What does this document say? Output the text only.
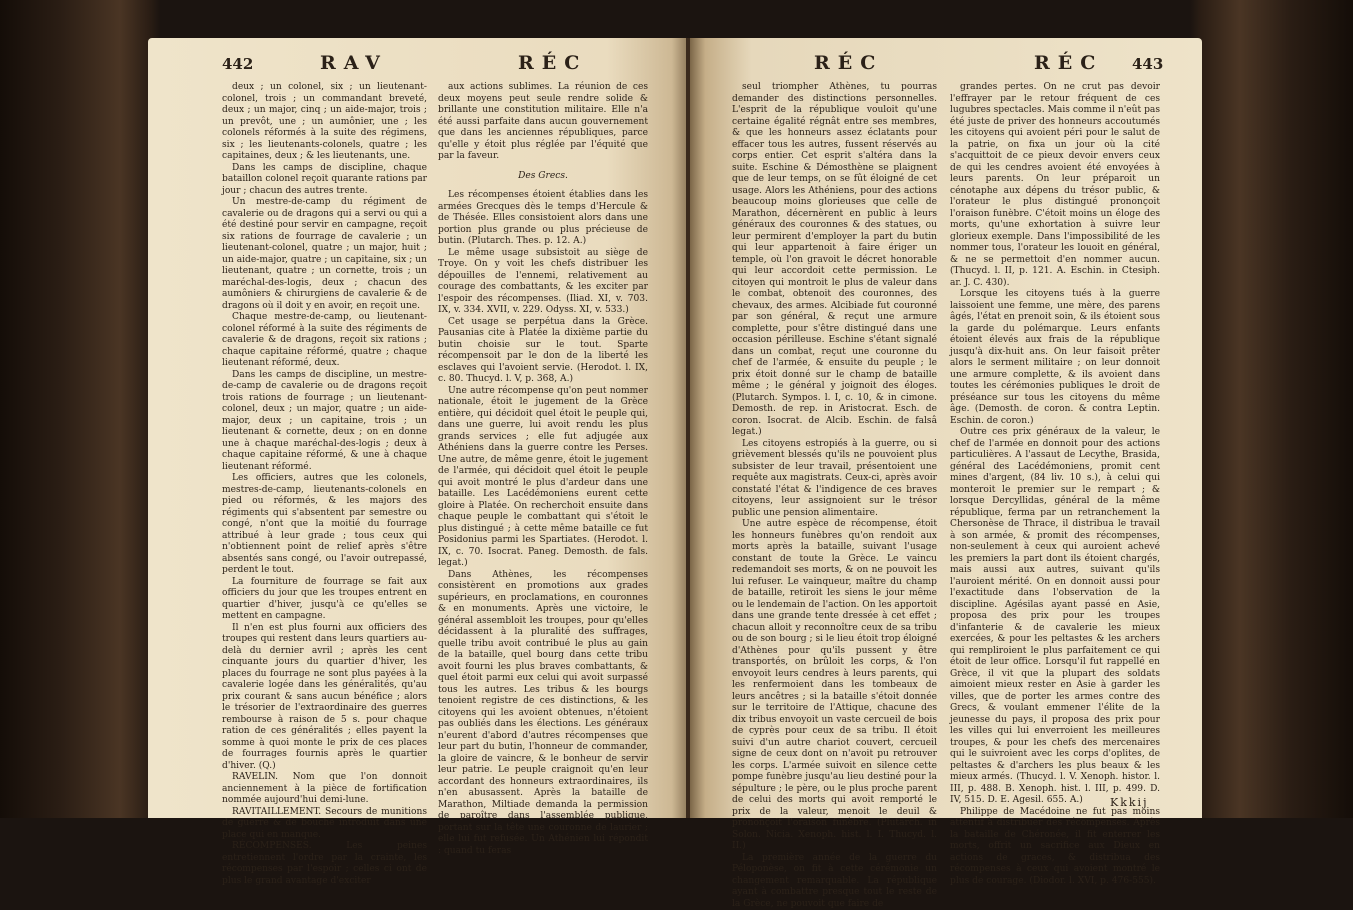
442	RAV	RÉC

deux ; un colonel, six ; un lieutenant-colonel, trois ; un commandant breveté, deux ; un major, cinq ; un aide-major, trois ; un prevôt, une ; un aumônier, une ; les colonels réformés à la suite des régimens, six ; les lieutenants-colonels, quatre ; les capitaines, deux ; & les lieutenants, une.

Dans les camps de discipline, chaque bataillon colonel reçoit quarante rations par jour ; chacun des autres trente.

Un mestre-de-camp du régiment de cavalerie ou de dragons qui a servi ou qui a été destiné pour servir en campagne, reçoit six rations de fourrage de cavalerie ; un lieutenant-colonel, quatre ; un major, huit ; un aide-major, quatre ; un capitaine, six ; un lieutenant, quatre ; un cornette, trois ; un maréchal-des-logis, deux ; chacun des aumôniers & chirurgiens de cavalerie & de dragons où il doit y en avoir, en reçoit une.

Chaque mestre-de-camp, ou lieutenant-colonel réformé à la suite des régiments de cavalerie & de dragons, reçoit six rations ; chaque capitaine réformé, quatre ; chaque lieutenant réformé, deux.

Dans les camps de discipline, un mestre-de-camp de cavalerie ou de dragons reçoit trois rations de fourrage ; un lieutenant-colonel, deux ; un major, quatre ; un aide-major, deux ; un capitaine, trois ; un lieutenant & cornette, deux ; on en donne une à chaque maréchal-des-logis ; deux à chaque capitaine réformé, & une à chaque lieutenant réformé.

Les officiers, autres que les colonels, mestres-de-camp, lieutenants-colonels en pied ou réformés, & les majors des régiments qui s'absentent par semestre ou congé, n'ont que la moitié du fourrage attribué à leur grade ; tous ceux qui n'obtiennent point de relief après s'être absentés sans congé, ou l'avoir outrepassé, perdent le tout.

La fourniture de fourrage se fait aux officiers du jour que les troupes entrent en quartier d'hiver, jusqu'à ce qu'elles se mettent en campagne.

Il n'en est plus fourni aux officiers des troupes qui restent dans leurs quartiers au-delà du dernier avril ; après les cent cinquante jours du quartier d'hiver, les places du fourrage ne sont plus payées à la cavalerie logée dans les généralités, qu'au prix courant & sans aucun bénéfice ; alors le trésorier de l'extraordinaire des guerres rembourse à raison de 5 s. pour chaque ration de ces généralités ; elles payent la somme à quoi monte le prix de ces places de fourrages fournis après le quartier d'hiver. (Q.)

RAVELIN. Nom que l'on donnoit anciennement à la pièce de fortification nommée aujourd'hui demi-lune.

RAVITAILLEMENT. Secours de munitions de guerre & de bouche introduit dans une place qui en manque.

RÉCOMPENSES. Les peines entretiennent l'ordre par la crainte, les récompenses par l'espoir ; celles ci ont de plus le grand avantage d'exciter

aux actions sublimes. La réunion de ces deux moyens peut seule rendre solide & brillante une constitution militaire. Elle n'a été aussi parfaite dans aucun gouvernement que dans les anciennes républiques, parce qu'elle y étoit plus réglée par l'équité que par la faveur.

Des Grecs.

Les récompenses étoient établies dans les armées Grecques dès le temps d'Hercule & de Thésée. Elles consistoient alors dans une portion plus grande ou plus précieuse de butin. (Plutarch. Thes. p. 12. A.)

Le même usage subsistoit au siège de Troye. On y voit les chefs distribuer les dépouilles de l'ennemi, relativement au courage des combattants, & les exciter par l'espoir des récompenses. (Iliad. XI, v. 703. IX, v. 334. XVII, v. 229. Odyss. XI, v. 533.)

Cet usage se perpétua dans la Grèce. Pausanias cite à Platée la dixième partie du butin choisie sur le tout. Sparte récompensoit par le don de la liberté les esclaves qui l'avoient servie. (Herodot. l. IX, c. 80. Thucyd. l. V, p. 368, A.)

Une autre récompense qu'on peut nommer nationale, étoit le jugement de la Grèce entière, qui décidoit quel étoit le peuple qui, dans une guerre, lui avoit rendu les plus grands services ; elle fut adjugée aux Athéniens dans la guerre contre les Perses. Une autre, de même genre, étoit le jugement de l'armée, qui décidoit quel étoit le peuple qui avoit montré le plus d'ardeur dans une bataille. Les Lacédémoniens eurent cette gloire à Platée. On recherchoit ensuite dans chaque peuple le combattant qui s'étoit le plus distingué ; à cette même bataille ce fut Posidonius parmi les Spartiates. (Herodot. l. IX, c. 70. Isocrat. Paneg. Demosth. de fals. legat.)

Dans Athènes, les récompenses consistèrent en promotions aux grades supérieurs, en proclamations, en couronnes & en monuments. Après une victoire, le général assembloit les troupes, pour qu'elles décidassent à la pluralité des suffrages, quelle tribu avoit contribué le plus au gain de la bataille, quel bourg dans cette tribu avoit fourni les plus braves combattants, & quel étoit parmi eux celui qui avoit surpassé tous les autres. Les tribus & les bourgs tenoient registre de ces distinctions, & les citoyens qui les avoient obtenues, n'étoient pas oubliés dans les élections. Les généraux n'eurent d'abord d'autres récompenses que leur part du butin, l'honneur de commander, la gloire de vaincre, & le bonheur de servir leur patrie. Le peuple craignoit qu'en leur accordant des honneurs extraordinaires, ils n'en abusassent. Après la bataille de Marathon, Miltiade demanda la permission de paroître dans l'assemblée publique, portant sur la tête une couronne de laurier ; elle lui fut refusée. Un Athénien lui répondit : quand tu feras

RÉC	RÉC 443

seul triompher Athènes, tu pourras demander des distinctions personnelles. L'esprit de la république vouloit qu'une certaine égalité régnât entre ses membres, & que les honneurs assez éclatants pour effacer tous les autres, fussent réservés au corps entier. Cet esprit s'altéra dans la suite. Eschine & Démosthène se plaignent que de leur temps, on se fût éloigné de cet usage. Alors les Athéniens, pour des actions beaucoup moins glorieuses que celle de Marathon, décernèrent en public à leurs généraux des couronnes & des statues, ou leur permirent d'employer la part du butin qui leur appartenoit à faire ériger un temple, où l'on gravoit le décret honorable qui leur accordoit cette permission. Le citoyen qui montroit le plus de valeur dans le combat, obtenoit des couronnes, des chevaux, des armes. Alcibiade fut couronné par son général, & reçut une armure complette, pour s'être distingué dans une occasion périlleuse. Eschine s'étant signalé dans un combat, reçut une couronne du chef de l'armée, & ensuite du peuple ; le prix étoit donné sur le champ de bataille même ; le général y joignoit des éloges. (Plutarch. Sympos. l. I, c. 10, & in cimone. Demosth. de rep. in Aristocrat. Esch. de coron. Isocrat. de Alcib. Eschin. de falsâ legat.)

Les citoyens estropiés à la guerre, ou si grièvement blessés qu'ils ne pouvoient plus subsister de leur travail, présentoient une requête aux magistrats. Ceux-ci, après avoir constaté l'état & l'indigence de ces braves citoyens, leur assignoient sur le trésor public une pension alimentaire.

Une autre espèce de récompense, étoit les honneurs funèbres qu'on rendoit aux morts après la bataille, suivant l'usage constant de toute la Grèce. Le vaincu redemandoit ses morts, & on ne pouvoit les lui refuser. Le vainqueur, maître du champ de bataille, retiroit les siens le jour même ou le lendemain de l'action. On les apportoit dans une grande tente dressée à cet effet ; chacun alloit y reconnoître ceux de sa tribu ou de son bourg ; si le lieu étoit trop éloigné d'Athènes pour qu'ils pussent y être transportés, on brûloit les corps, & l'on envoyoit leurs cendres à leurs parents, qui les renfermoient dans les tombeaux de leurs ancêtres ; si la bataille s'étoit donnée sur le territoire de l'Attique, chacune des dix tribus envoyoit un vaste cercueil de bois de cyprès pour ceux de sa tribu. Il étoit suivi d'un autre chariot couvert, cercueil signe de ceux dont on n'avoit pu retrouver les corps. L'armée suivoit en silence cette pompe funèbre jusqu'au lieu destiné pour la sépulture ; le père, ou le plus proche parent de celui des morts qui avoit remporté le prix de la valeur, menoit le deuil & prononçoit l'oraison funèbre. (Plutarch. in Solon. Nicia. Xenoph. hist. l. I. Thucyd. l. II.)

La première année de la guerre du Péloponèse, on fit à cette cérémonie un changement remarquable. La république ayant à combattre presque tout le reste de la Grèce, ne pouvoit que faire de

grandes pertes. On ne crut pas devoir l'effrayer par le retour fréquent de ces lugubres spectacles. Mais comme il n'eût pas été juste de priver des honneurs accoutumés les citoyens qui avoient péri pour le salut de la patrie, on fixa un jour où la cité s'acquittoit de ce pieux devoir envers ceux de qui les cendres avoient été envoyées à leurs parents. On leur préparoit un cénotaphe aux dépens du trésor public, & l'orateur le plus distingué prononçoit l'oraison funèbre. C'étoit moins un éloge des morts, qu'une exhortation à suivre leur glorieux exemple. Dans l'impossibilité de les nommer tous, l'orateur les louoit en général, & ne se permettoit d'en nommer aucun. (Thucyd. l. II, p. 121. A. Eschin. in Ctesiph. ar. J. C. 430).

Lorsque les citoyens tués à la guerre laissoient une femme, une mère, des parens âgés, l'état en prenoit soin, & ils étoient sous la garde du polémarque. Leurs enfants étoient élevés aux frais de la république jusqu'à dix-huit ans. On leur faisoit prêter alors le serment militaire ; on leur donnoit une armure complette, & ils avoient dans toutes les cérémonies publiques le droit de préséance sur tous les citoyens du même âge. (Demosth. de coron. & contra Leptin. Eschin. de coron.)

Outre ces prix généraux de la valeur, le chef de l'armée en donnoit pour des actions particulières. A l'assaut de Lecythe, Brasida, général des Lacédémoniens, promit cent mines d'argent, (84 liv. 10 s.), à celui qui monteroit le premier sur le rempart ; & lorsque Dercyllidas, général de la même république, ferma par un retranchement la Chersonèse de Thrace, il distribua le travail à son armée, & promit des récompenses, non-seulement à ceux qui auroient achevé les premiers la part dont ils étoient chargés, mais aussi aux autres, suivant qu'ils l'auroient mérité. On en donnoit aussi pour l'exactitude dans l'observation de la discipline. Agésilas ayant passé en Asie, proposa des prix pour les troupes d'infanterie & de cavalerie les mieux exercées, & pour les peltastes & les archers qui rempliroient le plus parfaitement ce qui étoit de leur office. Lorsqu'il fut rappellé en Grèce, il vit que la plupart des soldats aimoient mieux rester en Asie à garder les villes, que de porter les armes contre des Grecs, & voulant emmener l'élite de la jeunesse du pays, il proposa des prix pour les villes qui lui enverroient les meilleures troupes, & pour les chefs des mercenaires qui le suivroient avec les corps d'oplites, de peltastes & d'archers les plus beaux & les mieux armés. (Thucyd. l. V. Xenoph. histor. l. III, p. 488. B. Xenoph. hist. l. III, p. 499. D. IV, 515. D. E. Agesil. 655. A.)

Philippe de Macédoine ne fut pas moins attentif à distribuer des récompenses. Après la bataille de Chéronée, il fit enterrer les morts, offrit un sacrifice aux Dieux en actions de graces, & distribua des récompenses à ceux qui avoient montré le plus de courage. (Diodor. l. XVI, p. 476-555).

Kkkij
